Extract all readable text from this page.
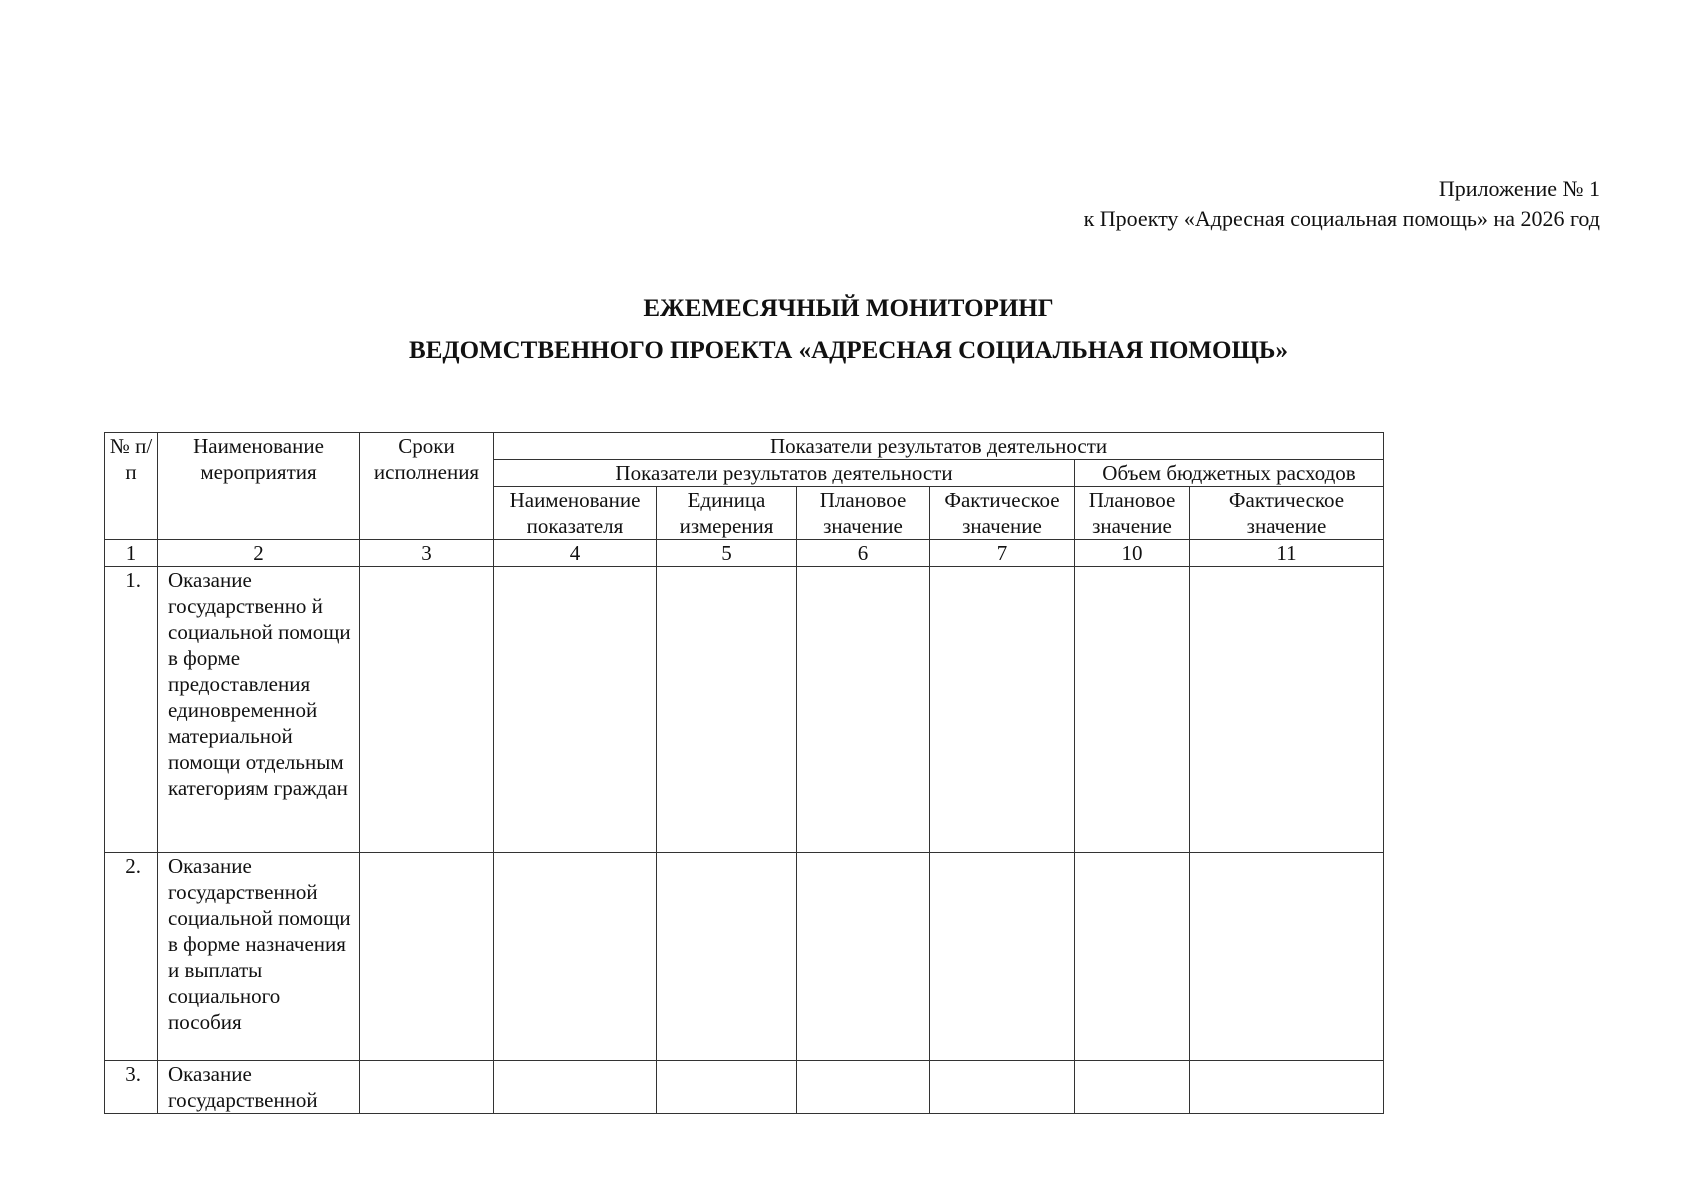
Приложение № 1
к Проекту «Адресная социальная помощь» на 2026 год
ЕЖЕМЕСЯЧНЫЙ МОНИТОРИНГ
ВЕДОМСТВЕННОГО ПРОЕКТА «АДРЕСНАЯ СОЦИАЛЬНАЯ ПОМОЩЬ»
№ п/п	Наименование мероприятия	Сроки исполнения	Показатели результатов деятельности					
			Показатели результатов деятельности				Объем бюджетных расходов	
			Наименование показателя	Единица измерения	Плановое значение	Фактическое значение	Плановое значение	Фактическое значение
1	2	3	4	5	6	7	10	11
1.	Оказание государственно й социальной помощи в форме предоставления единовременной материальной помощи отдельным категориям граждан							
2.	Оказание государственной социальной помощи в форме назначения и выплаты социального пособия							
3.	Оказание государственной							
